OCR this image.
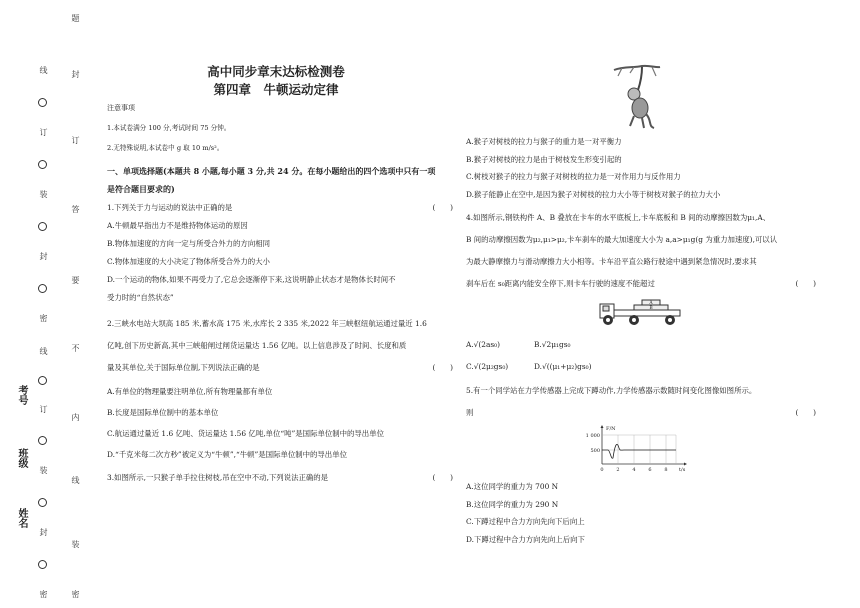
线
订
装
封
密
线
订
装
封
密
题
答
要
不
内
线
订
装
封
密
考号
班级
姓名
高中同步章末达标检测卷
第四章　牛顿运动定律
注意事项
1.本试卷满分 100 分,考试时间 75 分钟。
2.无特殊说明,本试卷中 g 取 10 m/s²。
一、单项选择题(本题共 8 小题,每小题 3 分,共 24 分。在每小题给出的四个选项中只有一项
是符合题目要求的)
1.下列关于力与运动的说法中正确的是	(　　)
A.牛顿最早指出力不是维持物体运动的原因
B.物体加速度的方向一定与所受合外力的方向相同
C.物体加速度的大小决定了物体所受合外力的大小
D.一个运动的物体,如果不再受力了,它总会逐渐停下来,这说明静止状态才是物体长时间不
受力时的“自然状态”
2.三峡水电站大坝高 185 米,蓄水高 175 米,水库长 2 335 米,2022 年三峡枢纽航运通过量近 1.6
亿吨,创下历史新高,其中三峡船闸过闸货运量达 1.56 亿吨。以上信息涉及了时间、长度和质
量及其单位,关于国际单位制,下列说法正确的是	(　　)
A.有单位的物理量要注明单位,所有物理量都有单位
B.长度是国际单位制中的基本单位
C.航运通过量近 1.6 亿吨、货运量达 1.56 亿吨,单位“吨”是国际单位制中的导出单位
D.“千克米每二次方秒”被定义为“牛顿”,“牛顿”是国际单位制中的导出单位
3.如图所示,一只猴子单手拉住树枝,吊在空中不动,下列说法正确的是	(　　)
A.猴子对树枝的拉力与猴子的重力是一对平衡力
B.猴子对树枝的拉力是由于树枝发生形变引起的
C.树枝对猴子的拉力与猴子对树枝的拉力是一对作用力与反作用力
D.猴子能静止在空中,是因为猴子对树枝的拉力大小等于树枝对猴子的拉力大小
4.如图所示,钢铁构件 A、B 叠放在卡车的水平底板上,卡车底板和 B 间的动摩擦因数为μ₁,A、
B 间的动摩擦因数为μ₂,μ₁>μ₂,卡车刹车的最大加速度大小为 a,a>μ₁g(g 为重力加速度),可以认
为最大静摩擦力与滑动摩擦力大小相等。卡车沿平直公路行驶途中遇到紧急情况时,要求其
刹车后在 s₀距离内能安全停下,则卡车行驶的速度不能超过	(　　)
A
B
A.√(2as₀)	B.√2μ₁gs₀
C.√(2μ₂gs₀)	D.√((μ₁+μ₂)gs₀)
5.有一个同学站在力学传感器上完成下蹲动作,力学传感器示数随时间变化图像如图所示。
则	(　　)
F/N
t/s
1 000
500
0	2	4	6	8
A.这位同学的重力为 700 N
B.这位同学的重力为 290 N
C.下蹲过程中合力方向先向下后向上
D.下蹲过程中合力方向先向上后向下
